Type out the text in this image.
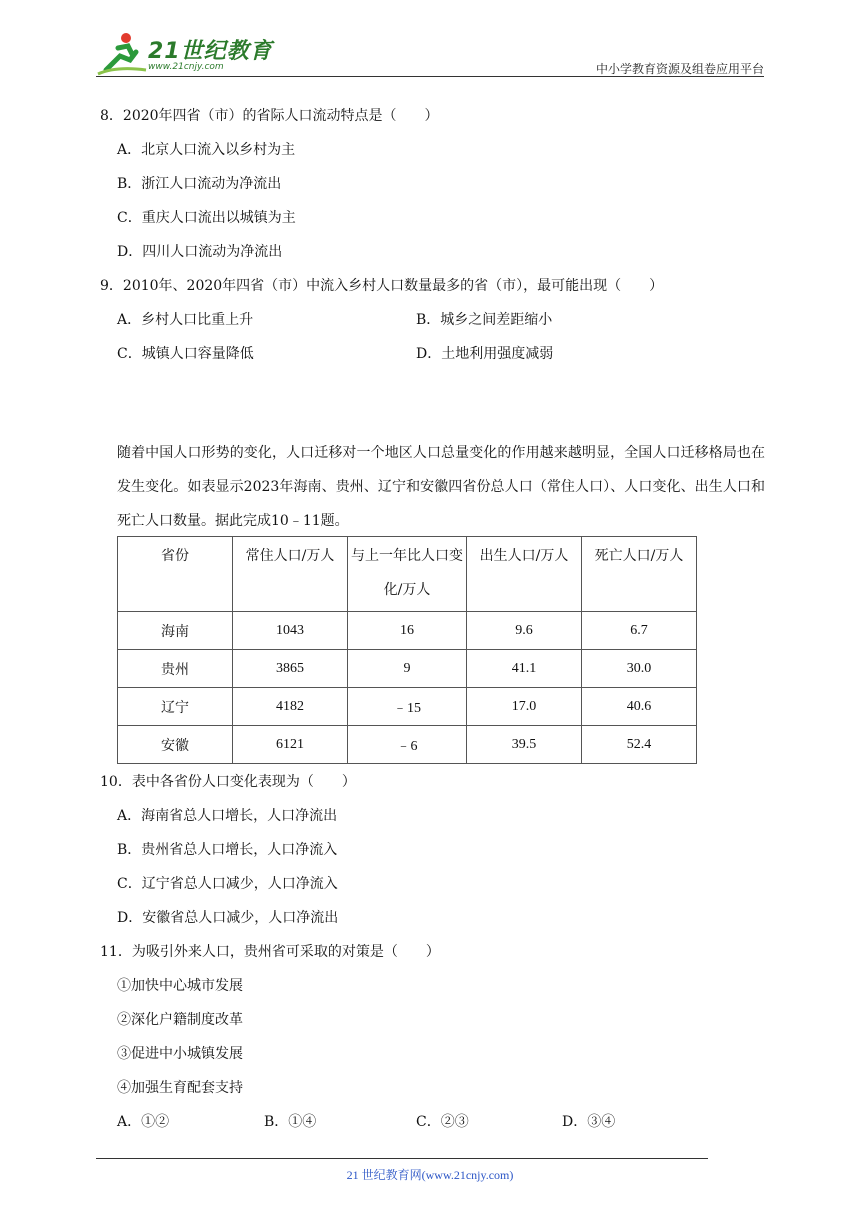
21世纪教育
www.21cnjy.com	中小学教育资源及组卷应用平台
8．2020年四省（市）的省际人口流动特点是（　　）
A．北京人口流入以乡村为主
B．浙江人口流动为净流出
C．重庆人口流出以城镇为主
D．四川人口流动为净流出
9．2010年、2020年四省（市）中流入乡村人口数量最多的省（市），最可能出现（　　）
A．乡村人口比重上升	B．城乡之间差距缩小
C．城镇人口容量降低	D．土地利用强度减弱
随着中国人口形势的变化，人口迁移对一个地区人口总量变化的作用越来越明显，全国人口迁移格局也在发生变化。如表显示2023年海南、贵州、辽宁和安徽四省份总人口（常住人口）、人口变化、出生人口和死亡人口数量。据此完成10﹣11题。
省份	常住人口/万人	与上一年比人口变化/万人	出生人口/万人	死亡人口/万人
海南	1043	16	9.6	6.7
贵州	3865	9	41.1	30.0
辽宁	4182	﹣15	17.0	40.6
安徽	6121	﹣6	39.5	52.4
10．表中各省份人口变化表现为（　　）
A．海南省总人口增长，人口净流出
B．贵州省总人口增长，人口净流入
C．辽宁省总人口减少，人口净流入
D．安徽省总人口减少，人口净流出
11．为吸引外来人口，贵州省可采取的对策是（　　）
①加快中心城市发展
②深化户籍制度改革
③促进中小城镇发展
④加强生育配套支持
A．①②	B．①④	C．②③	D．③④
21 世纪教育网(www.21cnjy.com)
